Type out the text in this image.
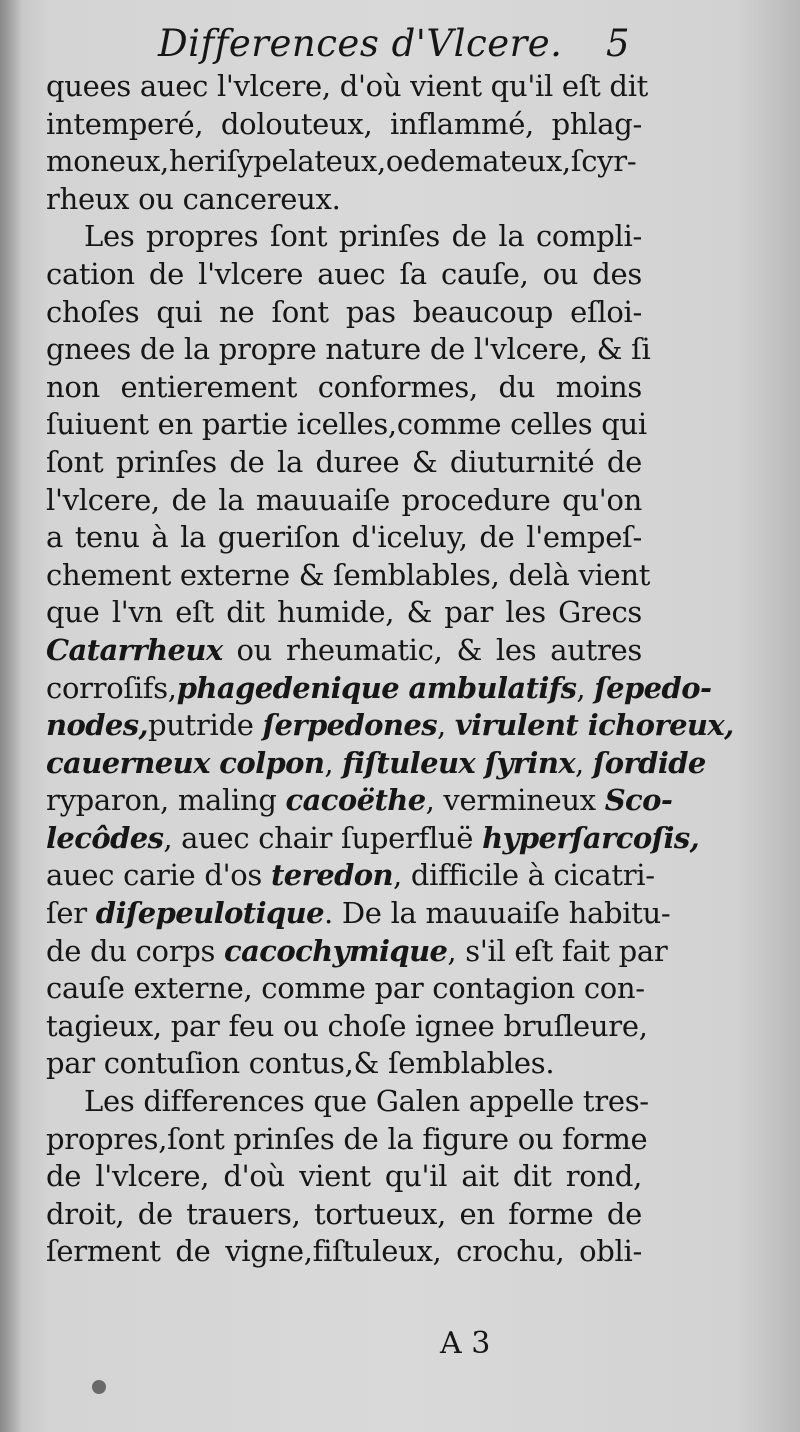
Differences d'Vlcere. 5
quees auec l'vlcere, d'où vient qu'il eſt dit
intemperé, dolouteux, inflammé, phlag-
moneux,heriſypelateux,oedemateux,ſcyr-
rheux ou cancereux.
Les propres ſont prinſes de la compli-
cation de l'vlcere auec ſa cauſe, ou des
choſes qui ne ſont pas beaucoup eſloi-
gnees de la propre nature de l'vlcere, & ſi
non entierement conformes, du moins
ſuiuent en partie icelles,comme celles qui
ſont prinſes de la duree & diuturnité de
l'vlcere, de la mauuaiſe procedure qu'on
a tenu à la gueriſon d'iceluy, de l'empeſ-
chement externe & ſemblables, delà vient
que l'vn eſt dit humide, & par les Grecs
Catarrheux ou rheumatic, & les autres
corroſifs,phagedenique ambulatifs, ſepedo-
nodes,putride ſerpedones, virulent ichoreux,
cauerneux colpon, fiſtuleux ſyrinx, ſordide
ryparon, maling cacoëthe, vermineux Sco-
lecôdes, auec chair ſuperfluë hyperſarcoſis,
auec carie d'os teredon, difficile à cicatri-
ſer diſepeulotique. De la mauuaiſe habitu-
de du corps cacochymique, s'il eſt fait par
cauſe externe, comme par contagion con-
tagieux, par feu ou choſe ignee bruſleure,
par contuſion contus,& ſemblables.
Les differences que Galen appelle tres-
propres,ſont prinſes de la figure ou forme
de l'vlcere, d'où vient qu'il ait dit rond,
droit, de trauers, tortueux, en forme de
ſerment de vigne,fiſtuleux, crochu, obli-
A 3
